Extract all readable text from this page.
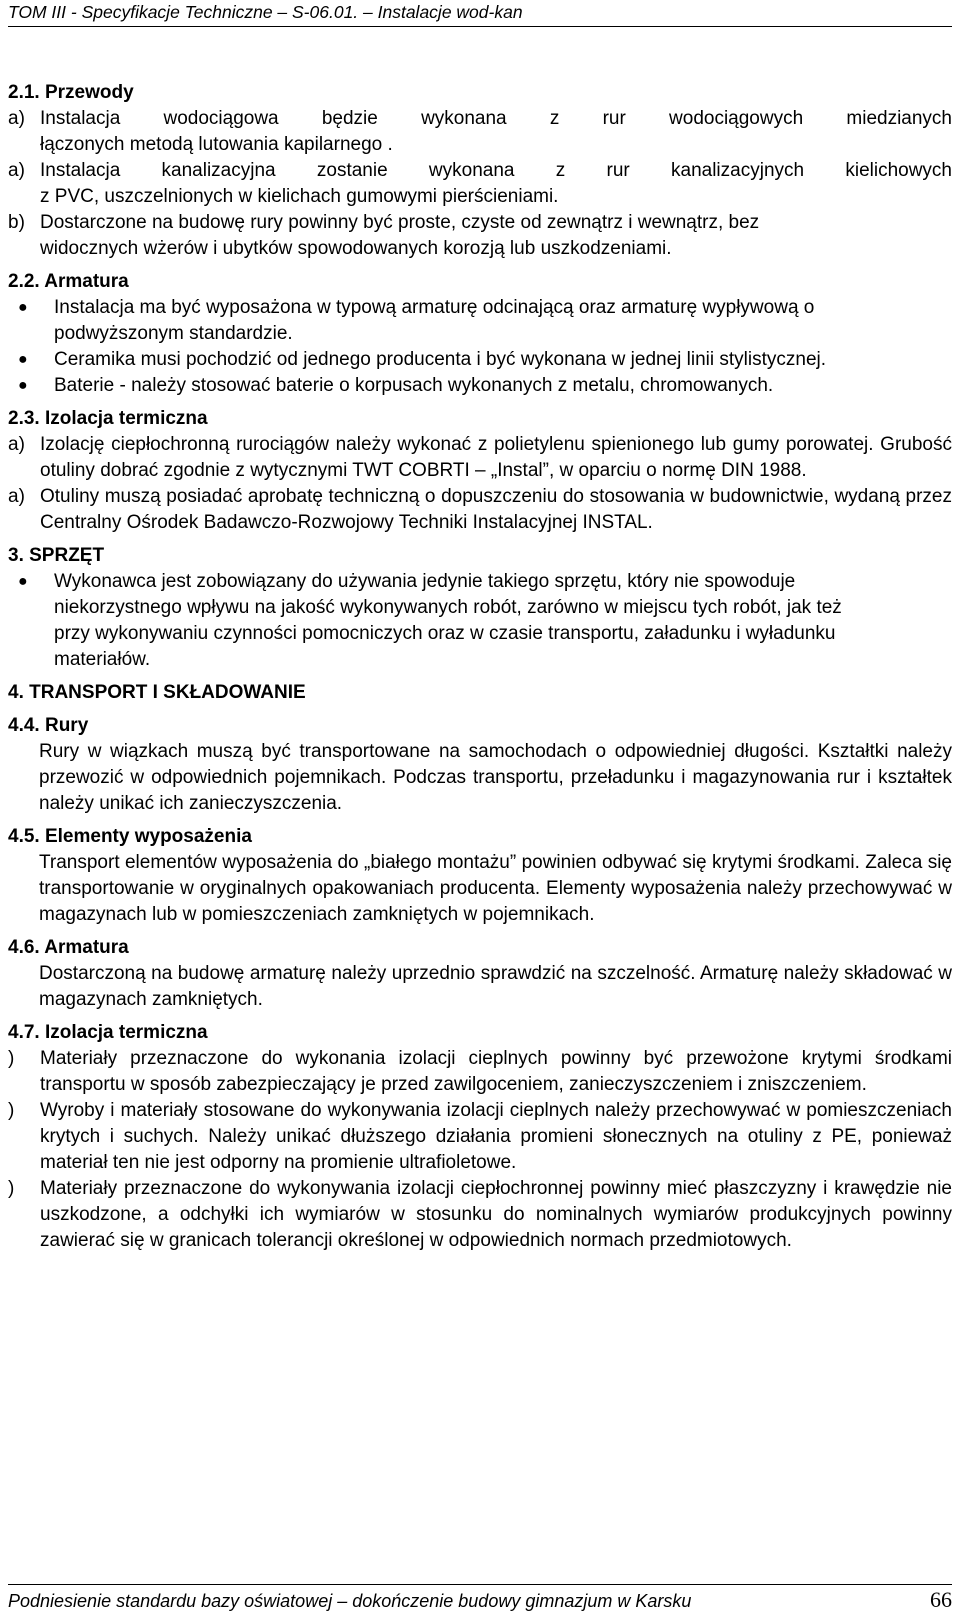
TOM III - Specyfikacje Techniczne – S-06.01. – Instalacje wod-kan
2.1. Przewody
a) Instalacja wodociągowa będzie wykonana z rur wodociągowych miedzianych
łączonych metodą lutowania kapilarnego .
a) Instalacja kanalizacyjna zostanie wykonana z rur kanalizacyjnych kielichowych
z PVC, uszczelnionych w kielichach gumowymi pierścieniami.
b) Dostarczone na budowę rury powinny być proste, czyste od zewnątrz i wewnątrz, bez
widocznych wżerów i ubytków spowodowanych korozją lub uszkodzeniami.
2.2. Armatura
●	Instalacja ma być wyposażona w typową armaturę odcinającą oraz armaturę wypływową o podwyższonym standardzie.
●	Ceramika musi pochodzić od jednego producenta i być wykonana w jednej linii stylistycznej.
●	Baterie - należy stosować baterie o korpusach wykonanych z metalu, chromowanych.
2.3. Izolacja termiczna
a) Izolację ciepłochronną rurociągów należy wykonać z polietylenu spienionego lub gumy porowatej. Grubość otuliny dobrać zgodnie z wytycznymi TWT COBRTI – „Instal”, w oparciu o normę DIN 1988.
a) Otuliny muszą posiadać aprobatę techniczną o dopuszczeniu do stosowania w budownictwie, wydaną przez Centralny Ośrodek Badawczo-Rozwojowy Techniki Instalacyjnej INSTAL.
3. SPRZĘT
●	Wykonawca jest zobowiązany do używania jedynie takiego sprzętu, który nie spowoduje niekorzystnego wpływu na jakość wykonywanych robót, zarówno w miejscu tych robót, jak też przy wykonywaniu czynności pomocniczych oraz w czasie transportu, załadunku i wyładunku materiałów.
4. TRANSPORT I SKŁADOWANIE
4.4. Rury
Rury w wiązkach muszą być transportowane na samochodach o odpowiedniej długości. Kształtki należy przewozić w odpowiednich pojemnikach. Podczas transportu, przeładunku i magazynowania rur i kształtek należy unikać ich zanieczyszczenia.
4.5. Elementy wyposażenia
Transport elementów wyposażenia do „białego montażu” powinien odbywać się krytymi środkami. Zaleca się transportowanie w oryginalnych opakowaniach producenta. Elementy wyposażenia należy przechowywać w magazynach lub w pomieszczeniach zamkniętych w pojemnikach.
4.6. Armatura
Dostarczoną na budowę armaturę należy uprzednio sprawdzić na szczelność. Armaturę należy składować w magazynach zamkniętych.
4.7. Izolacja termiczna
)	Materiały przeznaczone do wykonania izolacji cieplnych powinny być przewożone krytymi środkami transportu w sposób zabezpieczający je przed zawilgoceniem, zanieczyszczeniem i zniszczeniem.
)	Wyroby i materiały stosowane do wykonywania izolacji cieplnych należy przechowywać w pomieszczeniach krytych i suchych. Należy unikać dłuższego działania promieni słonecznych na otuliny z PE, ponieważ materiał ten nie jest odporny na promienie ultrafioletowe.
)	Materiały przeznaczone do wykonywania izolacji ciepłochronnej powinny mieć płaszczyzny i krawędzie nie uszkodzone, a odchyłki ich wymiarów w stosunku do nominalnych wymiarów produkcyjnych powinny zawierać się w granicach tolerancji określonej w odpowiednich normach przedmiotowych.
Podniesienie standardu bazy oświatowej – dokończenie budowy gimnazjum w Karsku	66
